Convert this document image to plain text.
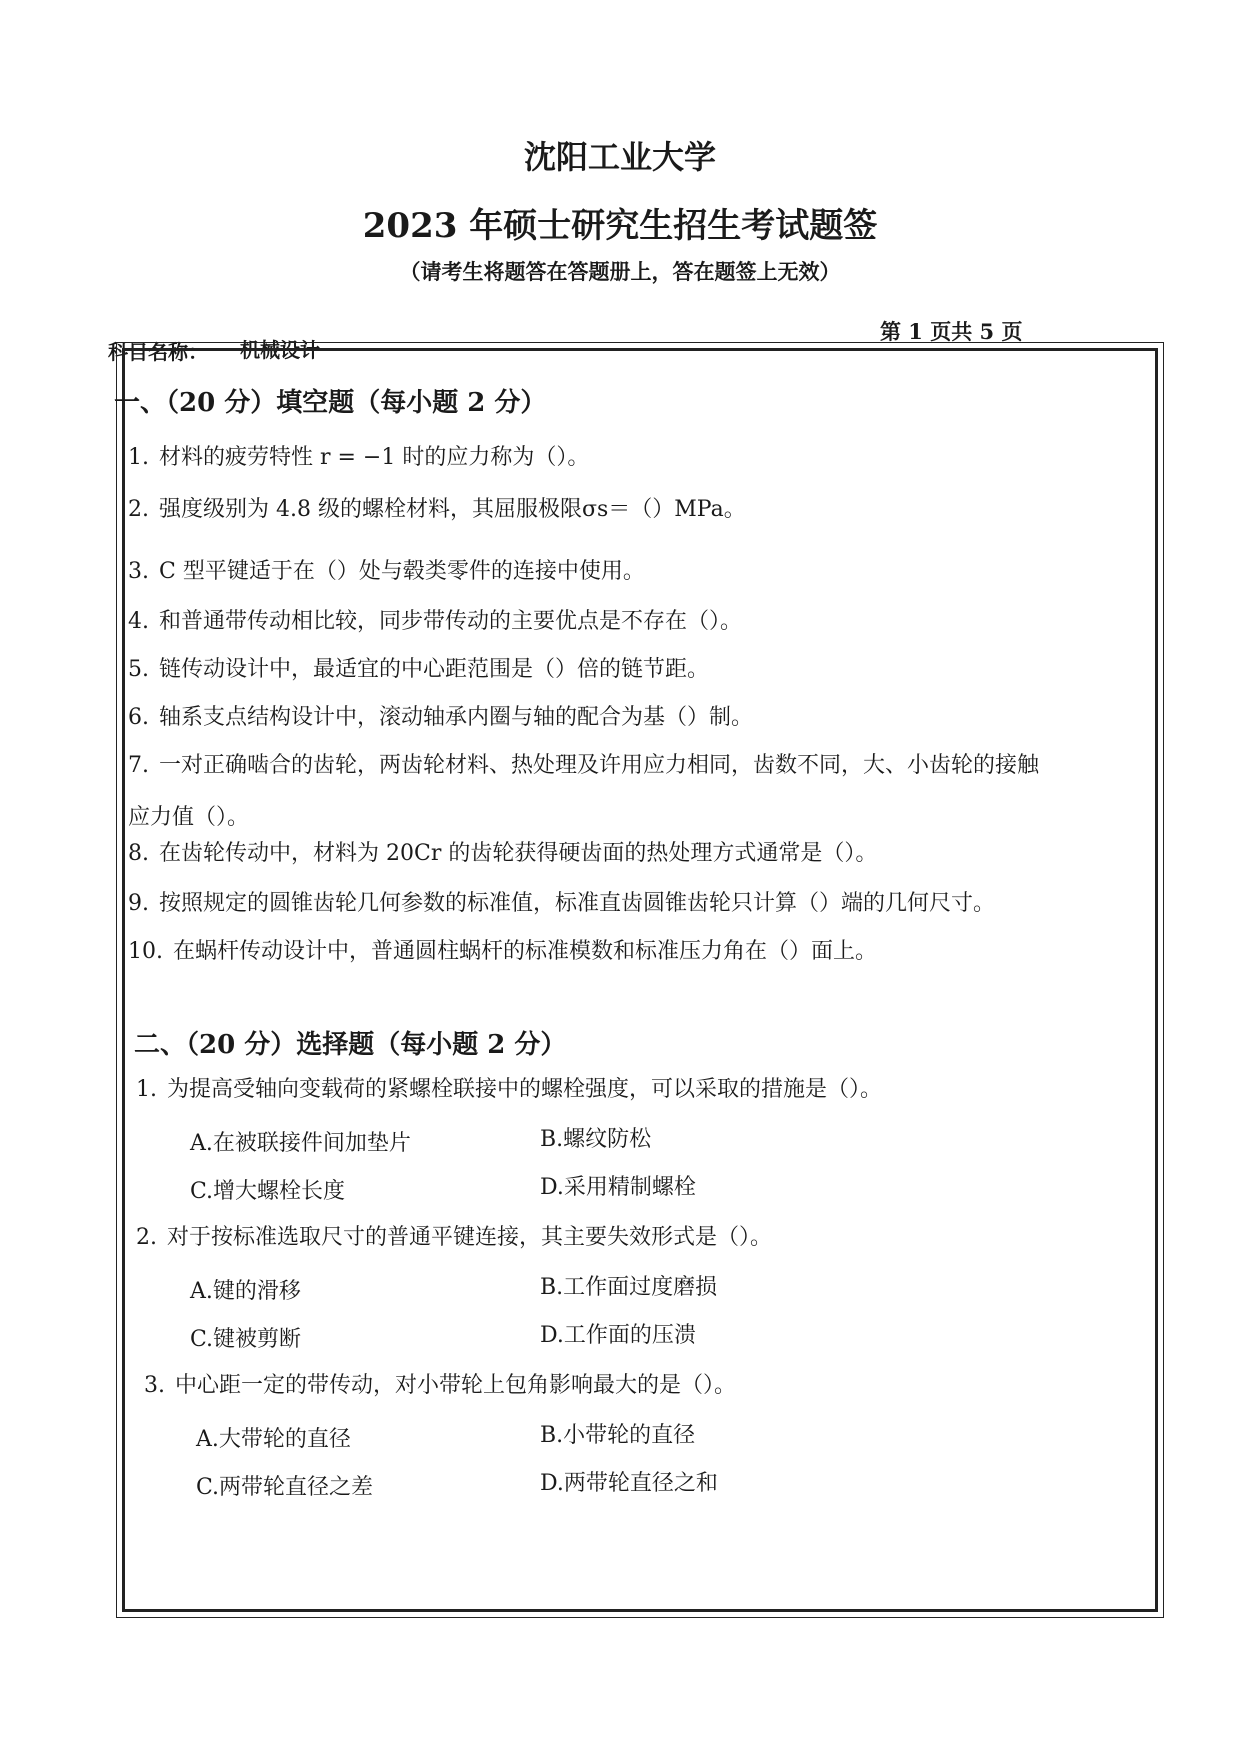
沈阳工业大学
2023 年硕士研究生招生考试题签
（请考生将题答在答题册上，答在题签上无效）
科目名称： 机械设计
第 1 页共 5 页
一、（20 分）填空题（每小题 2 分）
1. 材料的疲劳特性 r = −1 时的应力称为（）。
2. 强度级别为 4.8 级的螺栓材料，其屈服极限σs＝（）MPa。
3. C 型平键适于在（）处与毂类零件的连接中使用。
4. 和普通带传动相比较，同步带传动的主要优点是不存在（）。
5. 链传动设计中，最适宜的中心距范围是（）倍的链节距。
6. 轴系支点结构设计中，滚动轴承内圈与轴的配合为基（）制。
7. 一对正确啮合的齿轮，两齿轮材料、热处理及许用应力相同，齿数不同，大、小齿轮的接触
应力值（）。
8. 在齿轮传动中，材料为 20Cr 的齿轮获得硬齿面的热处理方式通常是（）。
9. 按照规定的圆锥齿轮几何参数的标准值，标准直齿圆锥齿轮只计算（）端的几何尺寸。
10. 在蜗杆传动设计中，普通圆柱蜗杆的标准模数和标准压力角在（）面上。
二、（20 分）选择题（每小题 2 分）
1. 为提高受轴向变载荷的紧螺栓联接中的螺栓强度，可以采取的措施是（）。
A.在被联接件间加垫片	B.螺纹防松
C.增大螺栓长度	D.采用精制螺栓
2. 对于按标准选取尺寸的普通平键连接，其主要失效形式是（）。
A.键的滑移	B.工作面过度磨损
C.键被剪断	D.工作面的压溃
3. 中心距一定的带传动，对小带轮上包角影响最大的是（）。
A.大带轮的直径	B.小带轮的直径
C.两带轮直径之差	D.两带轮直径之和
